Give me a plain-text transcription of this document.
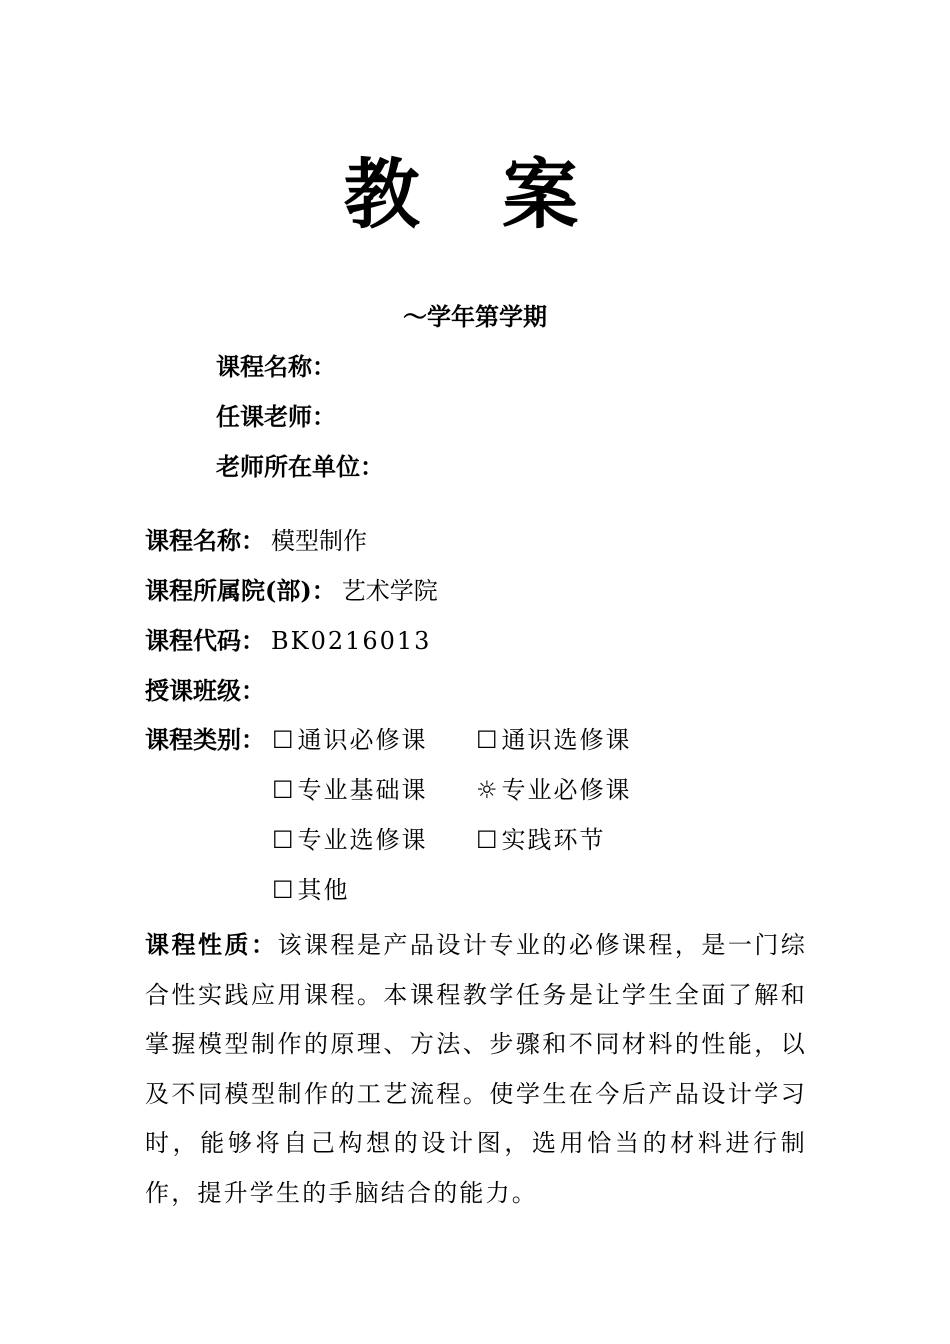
教 案
～学年第学期
课程名称：
任课老师：
老师所在单位：
课程名称： 模型制作
课程所属院(部)： 艺术学院
课程代码： BK0216013
授课班级：
课程类别： ☐通识必修课 ☐通识选修课
☐专业基础课 ☼专业必修课
☐专业选修课 ☐实践环节
☐其他
课程性质：该课程是产品设计专业的必修课程，是一门综合性实践应用课程。本课程教学任务是让学生全面了解和掌握模型制作的原理、方法、步骤和不同材料的性能，以及不同模型制作的工艺流程。使学生在今后产品设计学习时，能够将自己构想的设计图，选用恰当的材料进行制作，提升学生的手脑结合的能力。
